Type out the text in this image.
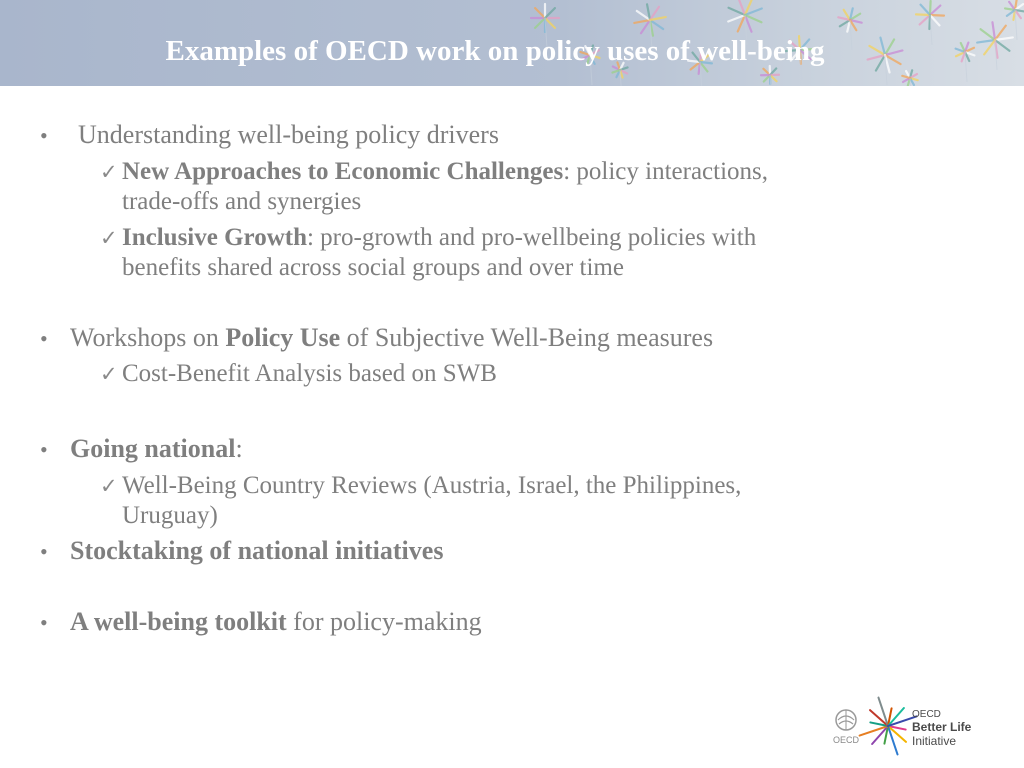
Examples of OECD work on policy uses of well-being
• Understanding well-being policy drivers
✓ New Approaches to Economic Challenges: policy interactions,
trade-offs and synergies
✓ Inclusive Growth: pro-growth and pro-wellbeing policies with
benefits shared across social groups and over time
• Workshops on Policy Use of Subjective Well-Being measures
✓ Cost-Benefit Analysis based on SWB
• Going national:
✓ Well-Being Country Reviews (Austria, Israel, the Philippines,
Uruguay)
• Stocktaking of national initiatives
• A well-being toolkit for policy-making
OECD
OECD
Better Life
Initiative
